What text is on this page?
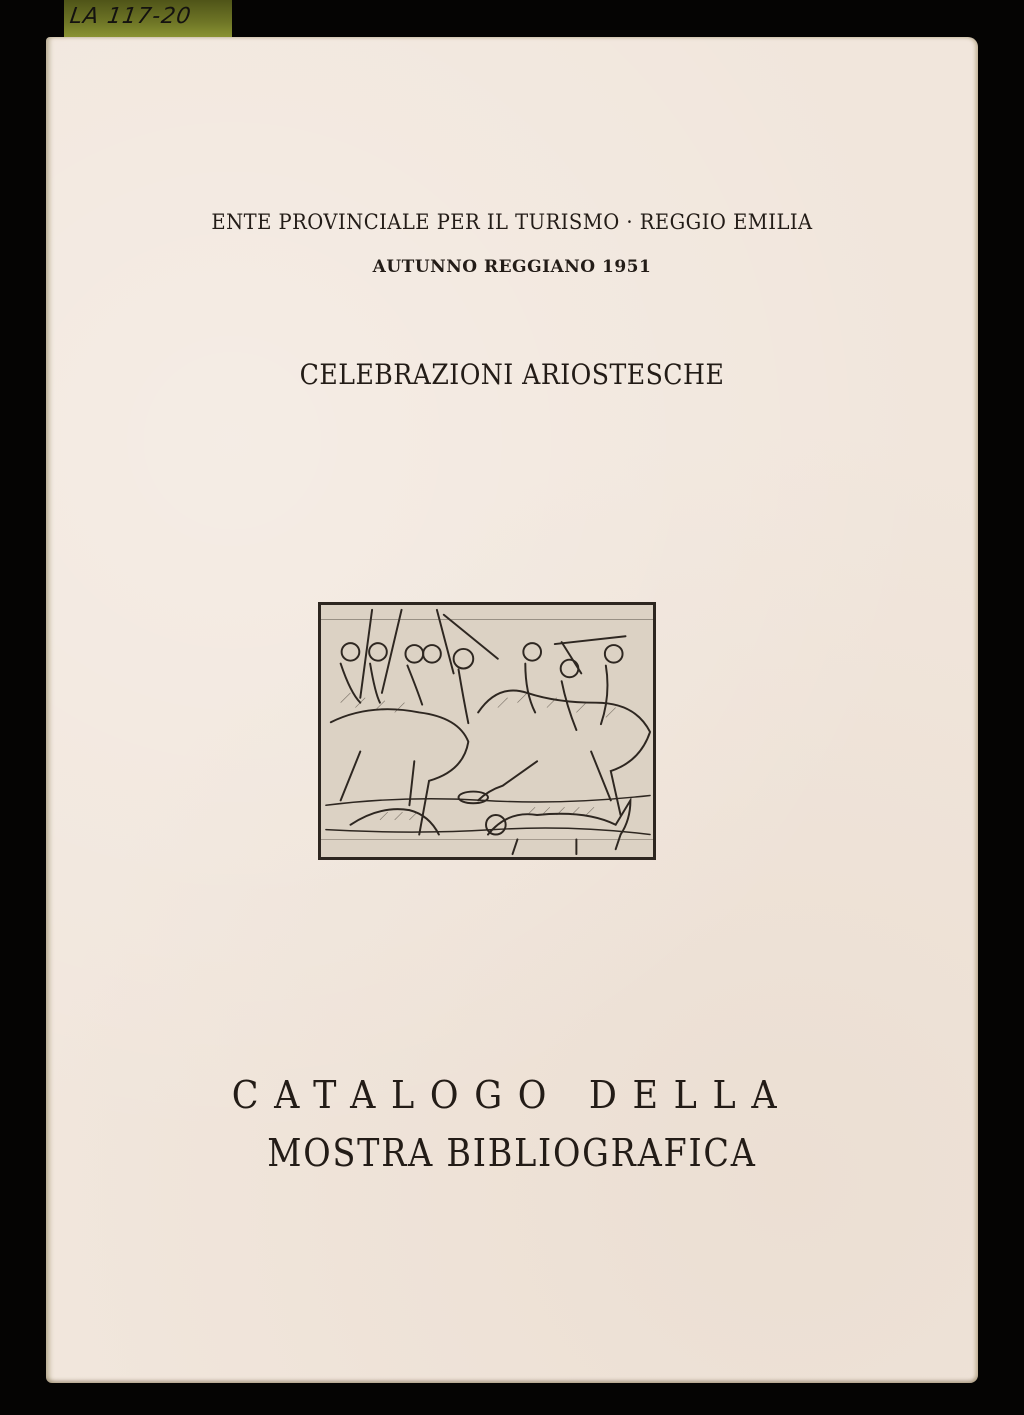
LA 117-20
ENTE PROVINCIALE PER IL TURISMO · REGGIO EMILIA
AUTUNNO REGGIANO 1951
CELEBRAZIONI ARIOSTESCHE
CATALOGO DELLA
MOSTRA BIBLIOGRAFICA
